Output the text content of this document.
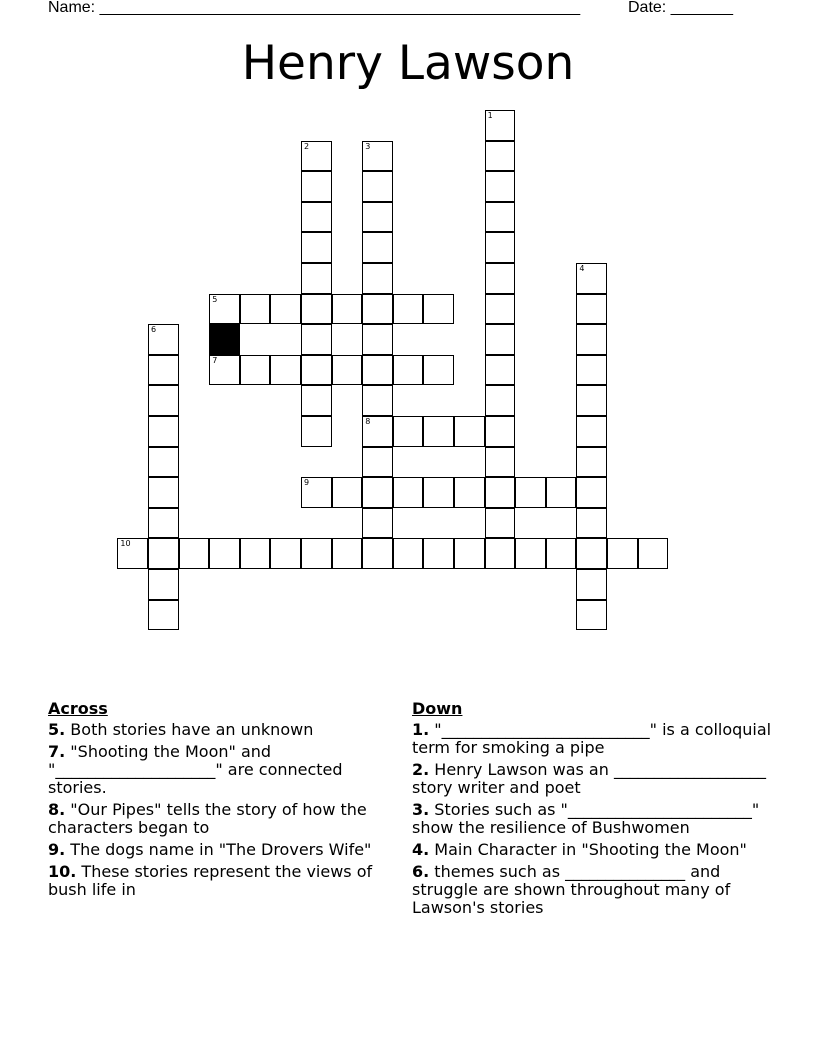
Name: ______________________________________________________	Date: _______
Henry Lawson
1
2	3
8
4
6
5
7
9
10
Across
5. Both stories have an unknown
7. "Shooting the Moon" and "____________________" are connected stories.
8. "Our Pipes" tells the story of how the characters began to
9. The dogs name in "The Drovers Wife"
10. These stories represent the views of bush life in
Down
1. "__________________________" is a colloquial term for smoking a pipe
2. Henry Lawson was an ___________________ story writer and poet
3. Stories such as "_______________________" show the resilience of Bushwomen
4. Main Character in "Shooting the Moon"
6. themes such as _______________ and struggle are shown throughout many of Lawson's stories
